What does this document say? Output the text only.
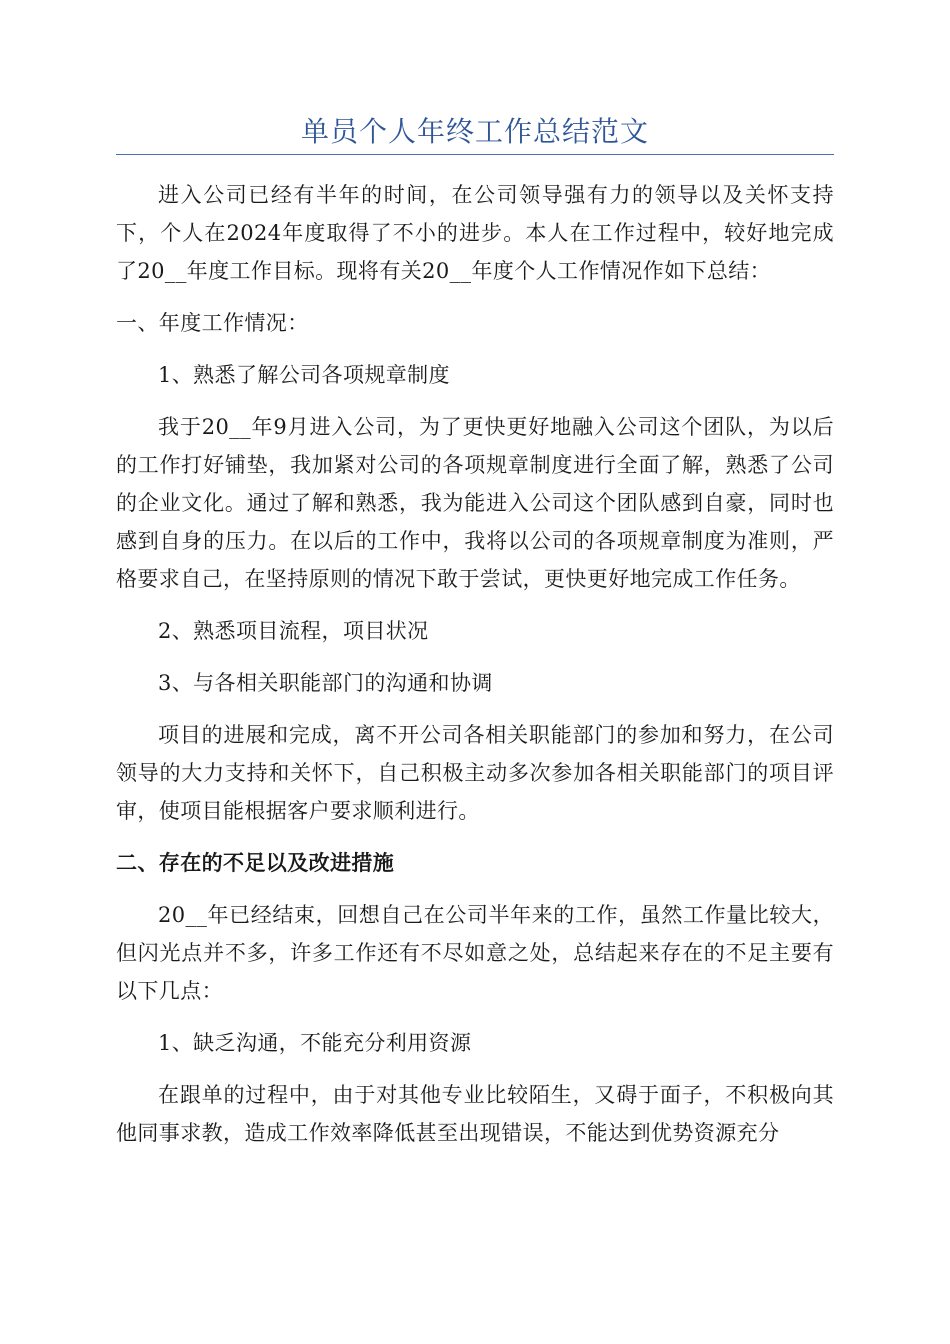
单员个人年终工作总结范文

进入公司已经有半年的时间，在公司领导强有力的领导以及关怀支持下，个人在2024年度取得了不小的进步。本人在工作过程中，较好地完成了20__年度工作目标。现将有关20__年度个人工作情况作如下总结：

一、年度工作情况：

1、熟悉了解公司各项规章制度

我于20__年9月进入公司，为了更快更好地融入公司这个团队，为以后的工作打好铺垫，我加紧对公司的各项规章制度进行全面了解，熟悉了公司的企业文化。通过了解和熟悉，我为能进入公司这个团队感到自豪，同时也感到自身的压力。在以后的工作中，我将以公司的各项规章制度为准则，严格要求自己，在坚持原则的情况下敢于尝试，更快更好地完成工作任务。

2、熟悉项目流程，项目状况

3、与各相关职能部门的沟通和协调

项目的进展和完成，离不开公司各相关职能部门的参加和努力，在公司领导的大力支持和关怀下，自己积极主动多次参加各相关职能部门的项目评审，使项目能根据客户要求顺利进行。

二、存在的不足以及改进措施

20__年已经结束，回想自己在公司半年来的工作，虽然工作量比较大，但闪光点并不多，许多工作还有不尽如意之处，总结起来存在的不足主要有以下几点：

1、缺乏沟通，不能充分利用资源

在跟单的过程中，由于对其他专业比较陌生，又碍于面子，不积极向其他同事求教，造成工作效率降低甚至出现错误，不能达到优势资源充分
